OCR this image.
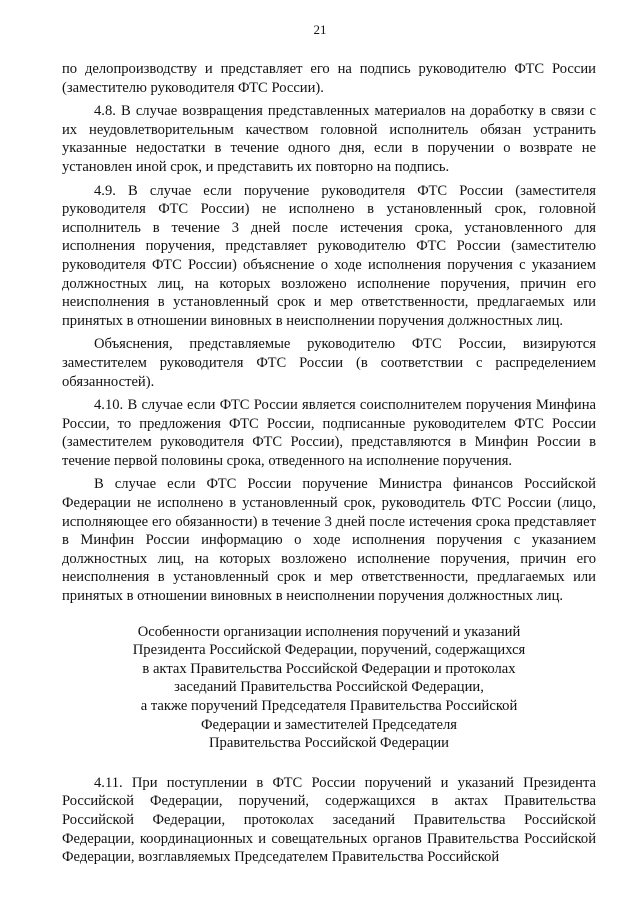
21

по делопроизводству и представляет его на подпись руководителю ФТС России (заместителю руководителя ФТС России).

4.8. В случае возвращения представленных материалов на доработку в связи с их неудовлетворительным качеством головной исполнитель обязан устранить указанные недостатки в течение одного дня, если в поручении о возврате не установлен иной срок, и представить их повторно на подпись.

4.9. В случае если поручение руководителя ФТС России (заместителя руководителя ФТС России) не исполнено в установленный срок, головной исполнитель в течение 3 дней после истечения срока, установленного для исполнения поручения, представляет руководителю ФТС России (заместителю руководителя ФТС России) объяснение о ходе исполнения поручения с указанием должностных лиц, на которых возложено исполнение поручения, причин его неисполнения в установленный срок и мер ответственности, предлагаемых или принятых в отношении виновных в неисполнении поручения должностных лиц.

Объяснения, представляемые руководителю ФТС России, визируются заместителем руководителя ФТС России (в соответствии с распределением обязанностей).

4.10. В случае если ФТС России является соисполнителем поручения Минфина России, то предложения ФТС России, подписанные руководителем ФТС России (заместителем руководителя ФТС России), представляются в Минфин России в течение первой половины срока, отведенного на исполнение поручения.

В случае если ФТС России поручение Министра финансов Российской Федерации не исполнено в установленный срок, руководитель ФТС России (лицо, исполняющее его обязанности) в течение 3 дней после истечения срока представляет в Минфин России информацию о ходе исполнения поручения с указанием должностных лиц, на которых возложено исполнение поручения, причин его неисполнения в установленный срок и мер ответственности, предлагаемых или принятых в отношении виновных в неисполнении поручения должностных лиц.

Особенности организации исполнения поручений и указаний
Президента Российской Федерации, поручений, содержащихся
в актах Правительства Российской Федерации и протоколах
заседаний Правительства Российской Федерации,
а также поручений Председателя Правительства Российской
Федерации и заместителей Председателя
Правительства Российской Федерации

4.11. При поступлении в ФТС России поручений и указаний Президента Российской Федерации, поручений, содержащихся в актах Правительства Российской Федерации, протоколах заседаний Правительства Российской Федерации, координационных и совещательных органов Правительства Российской Федерации, возглавляемых Председателем Правительства Российской
